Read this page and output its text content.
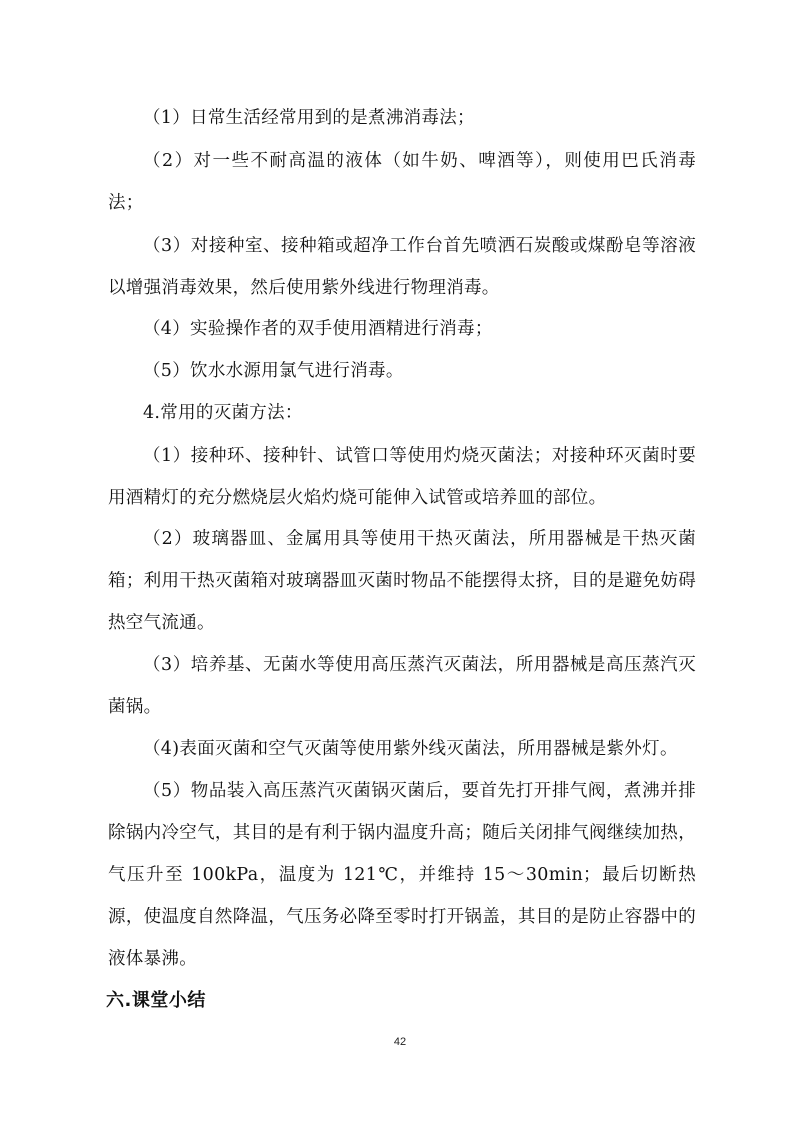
（1）日常生活经常用到的是煮沸消毒法；

（2）对一些不耐高温的液体（如牛奶、啤酒等），则使用巴氏消毒法；

（3）对接种室、接种箱或超净工作台首先喷洒石炭酸或煤酚皂等溶液以增强消毒效果，然后使用紫外线进行物理消毒。

（4）实验操作者的双手使用酒精进行消毒；

（5）饮水水源用氯气进行消毒。

4.常用的灭菌方法：

（1）接种环、接种针、试管口等使用灼烧灭菌法；对接种环灭菌时要用酒精灯的充分燃烧层火焰灼烧可能伸入试管或培养皿的部位。

（2）玻璃器皿、金属用具等使用干热灭菌法，所用器械是干热灭菌箱；利用干热灭菌箱对玻璃器皿灭菌时物品不能摆得太挤，目的是避免妨碍热空气流通。

（3）培养基、无菌水等使用高压蒸汽灭菌法，所用器械是高压蒸汽灭菌锅。

（4)表面灭菌和空气灭菌等使用紫外线灭菌法，所用器械是紫外灯。

（5）物品装入高压蒸汽灭菌锅灭菌后，要首先打开排气阀，煮沸并排除锅内冷空气，其目的是有利于锅内温度升高；随后关闭排气阀继续加热，气压升至 100kPa，温度为 121℃，并维持 15～30min；最后切断热源，使温度自然降温，气压务必降至零时打开锅盖，其目的是防止容器中的液体暴沸。

六.课堂小结
42
